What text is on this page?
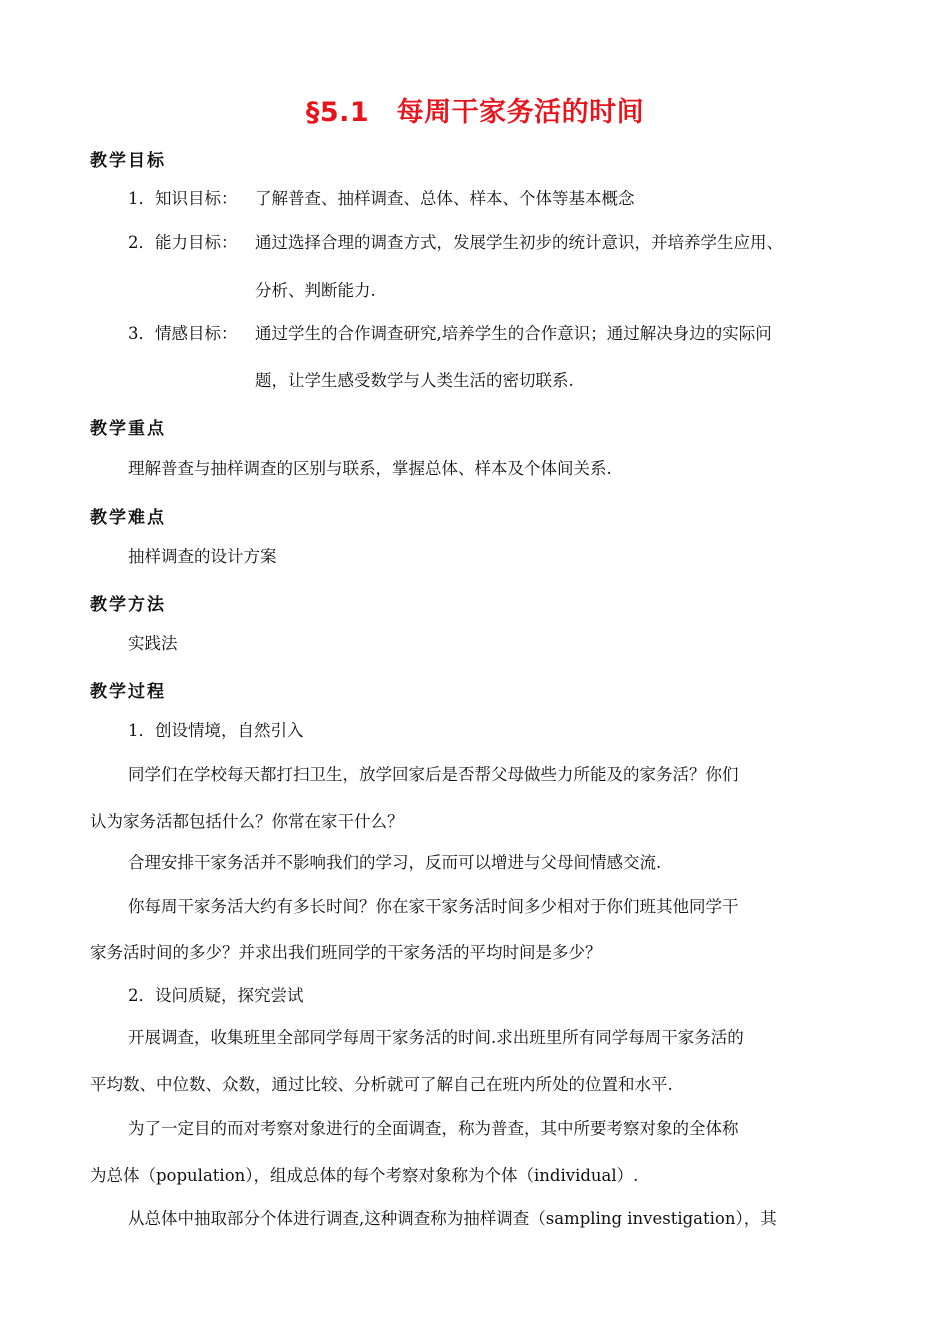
§5.1　每周干家务活的时间
教学目标
1．知识目标： 了解普查、抽样调查、总体、样本、个体等基本概念
2．能力目标： 通过选择合理的调查方式，发展学生初步的统计意识，并培养学生应用、
分析、判断能力.
3．情感目标： 通过学生的合作调查研究,培养学生的合作意识；通过解决身边的实际问
题，让学生感受数学与人类生活的密切联系.
教学重点
理解普查与抽样调查的区别与联系，掌握总体、样本及个体间关系.
教学难点
抽样调查的设计方案
教学方法
实践法
教学过程
1．创设情境，自然引入
同学们在学校每天都打扫卫生，放学回家后是否帮父母做些力所能及的家务活？你们
认为家务活都包括什么？你常在家干什么？
合理安排干家务活并不影响我们的学习，反而可以增进与父母间情感交流.
你每周干家务活大约有多长时间？你在家干家务活时间多少相对于你们班其他同学干
家务活时间的多少？并求出我们班同学的干家务活的平均时间是多少？
2．设问质疑，探究尝试
开展调查，收集班里全部同学每周干家务活的时间.求出班里所有同学每周干家务活的
平均数、中位数、众数，通过比较、分析就可了解自己在班内所处的位置和水平.
为了一定目的而对考察对象进行的全面调查，称为普查，其中所要考察对象的全体称
为总体（population），组成总体的每个考察对象称为个体（individual）.
从总体中抽取部分个体进行调查,这种调查称为抽样调查（sampling investigation），其
